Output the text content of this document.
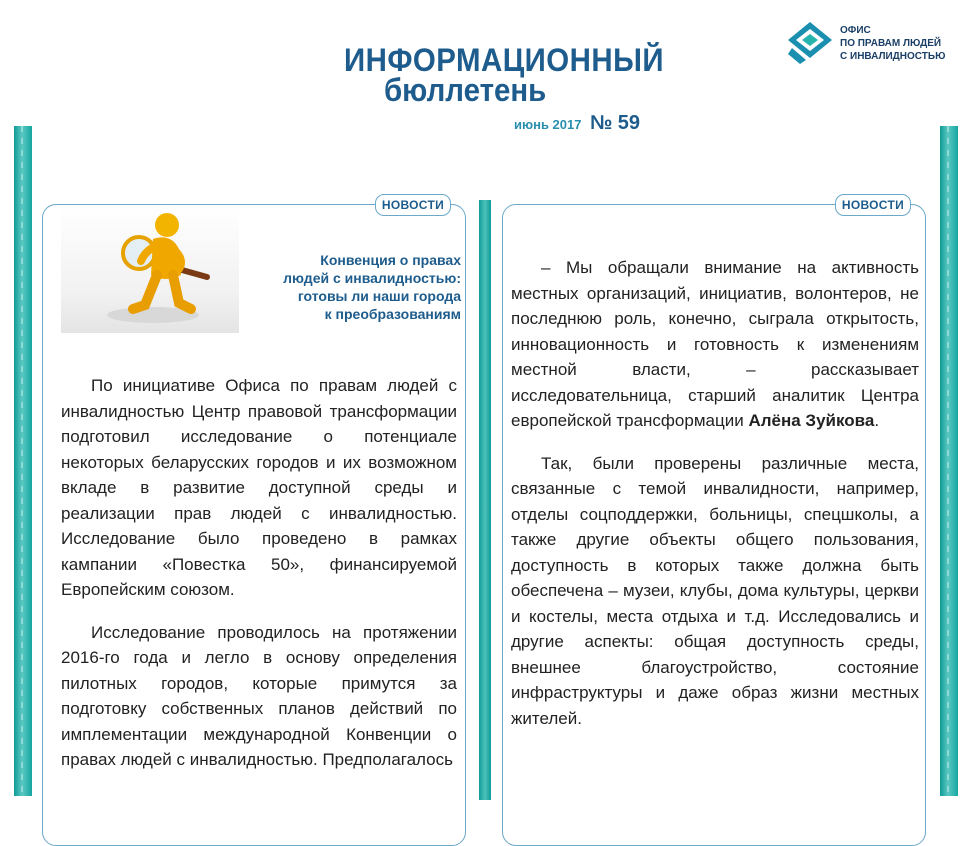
ИНФОРМАЦИОННЫЙ
бюллетень
июнь 2017 № 59
ОФИС
ПО ПРАВАМ ЛЮДЕЙ
С ИНВАЛИДНОСТЬЮ
НОВОСТИ
Конвенция о правах
людей с инвалидностью:
готовы ли наши города
к преобразованиям

По инициативе Офиса по правам людей с инвалидностью Центр правовой трансформации подготовил исследование о потенциале некоторых беларусских городов и их возможном вкладе в развитие доступной среды и реализации прав людей с инвалидностью. Исследование было проведено в рамках кампании «Повестка 50», финансируемой Европейским союзом.

Исследование проводилось на протяжении 2016-го года и легло в основу определения пилотных городов, которые примутся за подготовку собственных планов действий по имплементации международной Конвенции о правах людей с инвалидностью. Предполагалось

НОВОСТИ

– Мы обращали внимание на активность местных организаций, инициатив, волонтеров, не последнюю роль, конечно, сыграла открытость, инновационность и готовность к изменениям местной власти, – рассказывает исследовательница, старший аналитик Центра европейской трансформации Алёна Зуйкова.

Так, были проверены различные места, связанные с темой инвалидности, например, отделы соцподдержки, больницы, спецшколы, а также другие объекты общего пользования, доступность в которых также должна быть обеспечена – музеи, клубы, дома культуры, церкви и костелы, места отдыха и т.д. Исследовались и другие аспекты: общая доступность среды, внешнее благоустройство, состояние инфраструктуры и даже образ жизни местных жителей.
